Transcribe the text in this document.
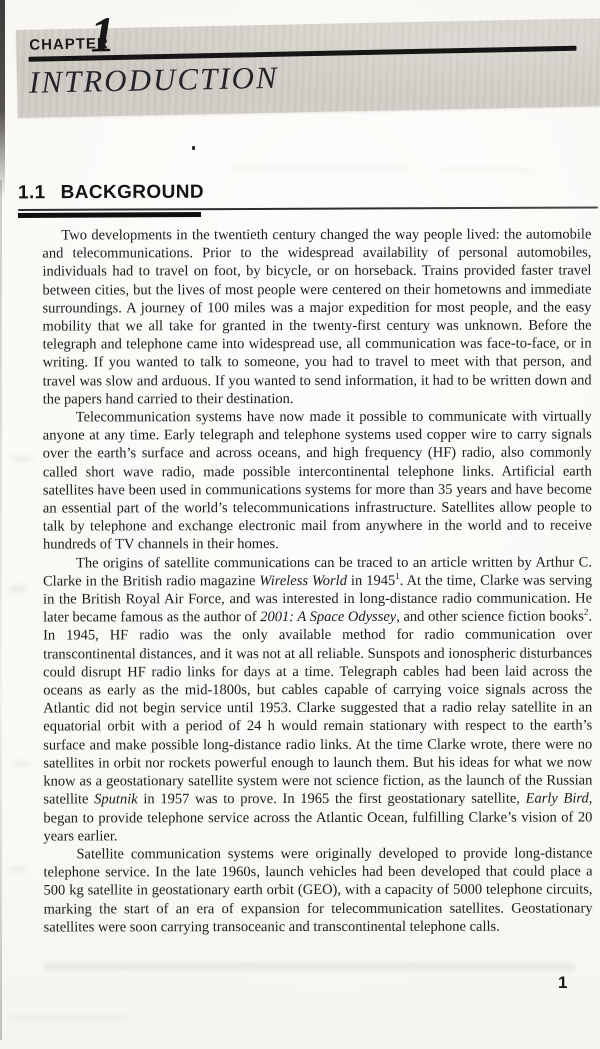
CHAPTER
1
INTRODUCTION
1.1 BACKGROUND

Two developments in the twentieth century changed the way people lived: the automobile and telecommunications. Prior to the widespread availability of personal automobiles, individuals had to travel on foot, by bicycle, or on horseback. Trains provided faster travel between cities, but the lives of most people were centered on their hometowns and immediate surroundings. A journey of 100 miles was a major expedition for most people, and the easy mobility that we all take for granted in the twenty-first century was unknown. Before the telegraph and telephone came into widespread use, all communication was face-to-face, or in writing. If you wanted to talk to someone, you had to travel to meet with that person, and travel was slow and arduous. If you wanted to send information, it had to be written down and the papers hand carried to their destination.

Telecommunication systems have now made it possible to communicate with virtually anyone at any time. Early telegraph and telephone systems used copper wire to carry signals over the earth’s surface and across oceans, and high frequency (HF) radio, also commonly called short wave radio, made possible intercontinental telephone links. Artificial earth satellites have been used in communications systems for more than 35 years and have become an essential part of the world’s telecommunications infrastructure. Satellites allow people to talk by telephone and exchange electronic mail from anywhere in the world and to receive hundreds of TV channels in their homes.

The origins of satellite communications can be traced to an article written by Arthur C. Clarke in the British radio magazine Wireless World in 1945$^1$. At the time, Clarke was serving in the British Royal Air Force, and was interested in long-distance radio communication. He later became famous as the author of 2001: A Space Odyssey, and other science fiction books$^2$. In 1945, HF radio was the only available method for radio communication over transcontinental distances, and it was not at all reliable. Sunspots and ionospheric disturbances could disrupt HF radio links for days at a time. Telegraph cables had been laid across the oceans as early as the mid-1800s, but cables capable of carrying voice signals across the Atlantic did not begin service until 1953. Clarke suggested that a radio relay satellite in an equatorial orbit with a period of 24 h would remain stationary with respect to the earth’s surface and make possible long-distance radio links. At the time Clarke wrote, there were no satellites in orbit nor rockets powerful enough to launch them. But his ideas for what we now know as a geostationary satellite system were not science fiction, as the launch of the Russian satellite Sputnik in 1957 was to prove. In 1965 the first geostationary satellite, Early Bird, began to provide telephone service across the Atlantic Ocean, fulfilling Clarke’s vision of 20 years earlier.

Satellite communication systems were originally developed to provide long-distance telephone service. In the late 1960s, launch vehicles had been developed that could place a 500 kg satellite in geostationary earth orbit (GEO), with a capacity of 5000 telephone circuits, marking the start of an era of expansion for telecommunication satellites. Geostationary satellites were soon carrying transoceanic and transcontinental telephone calls.

1
